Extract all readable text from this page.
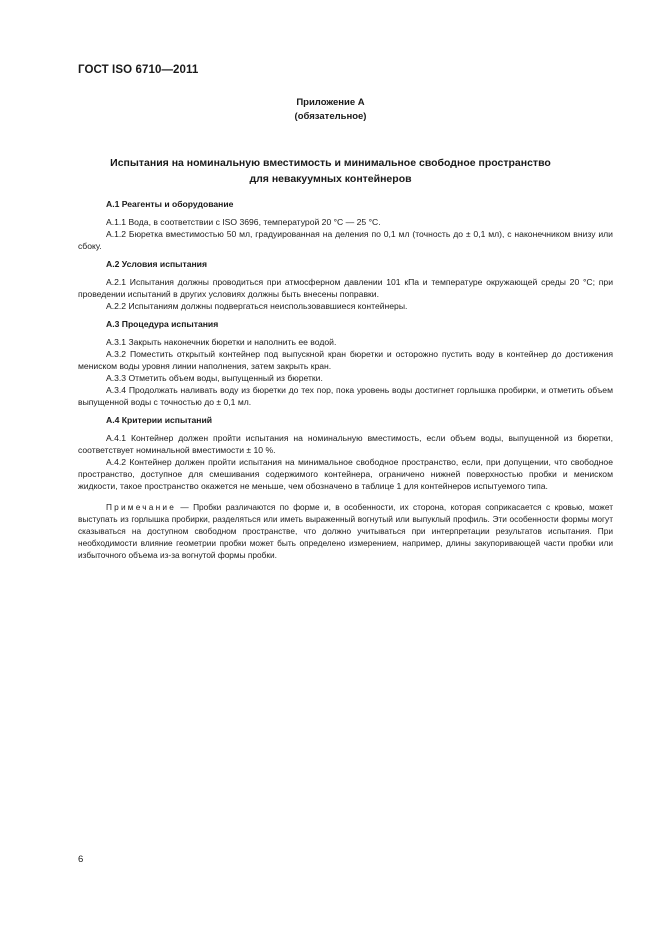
ГОСТ ISO 6710—2011
Приложение А
(обязательное)
Испытания на номинальную вместимость и минимальное свободное пространство
для невакуумных контейнеров
А.1 Реагенты и оборудование

А.1.1 Вода, в соответствии с ISO 3696, температурой 20 °С — 25 °С.

А.1.2 Бюретка вместимостью 50 мл, градуированная на деления по 0,1 мл (точность до ± 0,1 мл), с наконечником внизу или сбоку.

А.2 Условия испытания

А.2.1 Испытания должны проводиться при атмосферном давлении 101 кПа и температуре окружающей среды 20 °С; при проведении испытаний в других условиях должны быть внесены поправки.

А.2.2 Испытаниям должны подвергаться неиспользовавшиеся контейнеры.

А.3 Процедура испытания

А.3.1 Закрыть наконечник бюретки и наполнить ее водой.

А.3.2 Поместить открытый контейнер под выпускной кран бюретки и осторожно пустить воду в контейнер до достижения мениском воды уровня линии наполнения, затем закрыть кран.

А.3.3 Отметить объем воды, выпущенный из бюретки.

А.3.4 Продолжать наливать воду из бюретки до тех пор, пока уровень воды достигнет горлышка пробирки, и отметить объем выпущенной воды с точностью до ± 0,1 мл.

А.4 Критерии испытаний

А.4.1 Контейнер должен пройти испытания на номинальную вместимость, если объем воды, выпущенной из бюретки, соответствует номинальной вместимости ± 10 %.

А.4.2 Контейнер должен пройти испытания на минимальное свободное пространство, если, при допущении, что свободное пространство, доступное для смешивания содержимого контейнера, ограничено нижней поверхностью пробки и мениском жидкости, такое пространство окажется не меньше, чем обозначено в таблице 1 для контейнеров испытуемого типа.

Примечание — Пробки различаются по форме и, в особенности, их сторона, которая соприкасается с кровью, может выступать из горлышка пробирки, разделяться или иметь выраженный вогнутый или выпуклый профиль. Эти особенности формы могут сказываться на доступном свободном пространстве, что должно учитываться при интерпретации результатов испытания. При необходимости влияние геометрии пробки может быть определено измерением, например, длины закупоривающей части пробки или избыточного объема из-за вогнутой формы пробки.

6
